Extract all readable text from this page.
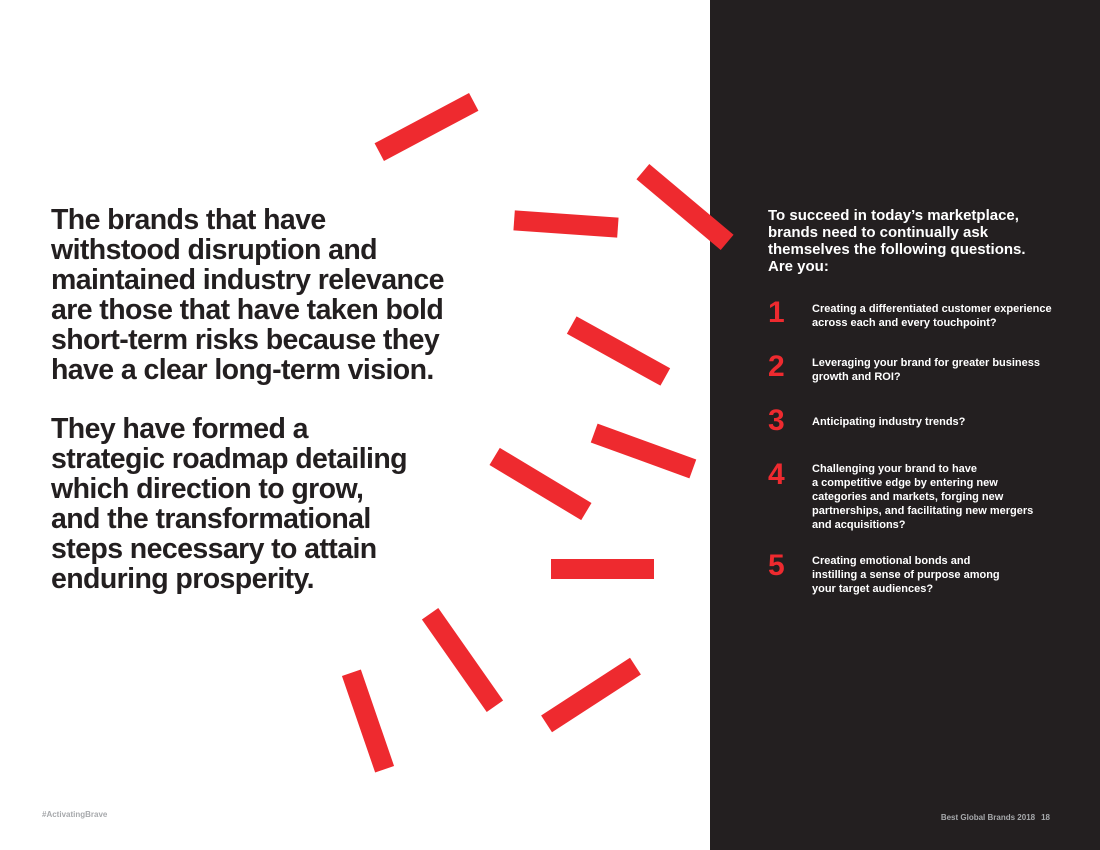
The brands that have
withstood disruption and
maintained industry relevance
are those that have taken bold
short-term risks because they
have a clear long-term vision.
They have formed a
strategic roadmap detailing
which direction to grow,
and the transformational
steps necessary to attain
enduring prosperity.

To succeed in today’s marketplace,
brands need to continually ask
themselves the following questions.
Are you:

1	Creating a differentiated customer experience
across each and every touchpoint?

2	Leveraging your brand for greater business
growth and ROI?

3	Anticipating industry trends?

4	Challenging your brand to have
a competitive edge by entering new
categories and markets, forging new
partnerships, and facilitating new mergers
and acquisitions?

5	Creating emotional bonds and
instilling a sense of purpose among
your target audiences?

#ActivatingBrave	Best Global Brands 2018 18
